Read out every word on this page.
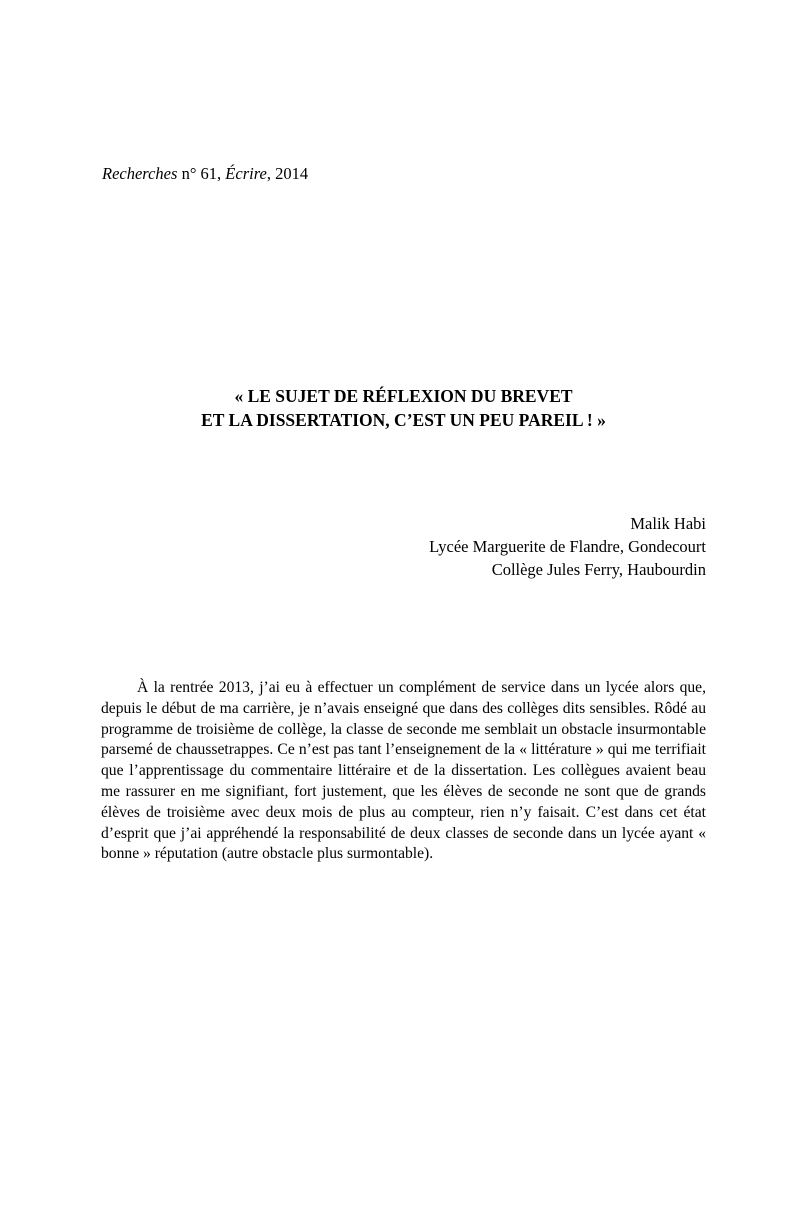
Recherches n° 61, Écrire, 2014
« LE SUJET DE RÉFLEXION DU BREVET
ET LA DISSERTATION, C’EST UN PEU PAREIL ! »
Malik Habi
Lycée Marguerite de Flandre, Gondecourt
Collège Jules Ferry, Haubourdin

À la rentrée 2013, j’ai eu à effectuer un complément de service dans un lycée alors que, depuis le début de ma carrière, je n’avais enseigné que dans des collèges dits sensibles. Rôdé au programme de troisième de collège, la classe de seconde me semblait un obstacle insurmontable parsemé de chaussetrappes. Ce n’est pas tant l’enseignement de la « littérature » qui me terrifiait que l’apprentissage du commentaire littéraire et de la dissertation. Les collègues avaient beau me rassurer en me signifiant, fort justement, que les élèves de seconde ne sont que de grands élèves de troisième avec deux mois de plus au compteur, rien n’y faisait. C’est dans cet état d’esprit que j’ai appréhendé la responsabilité de deux classes de seconde dans un lycée ayant « bonne » réputation (autre obstacle plus surmontable).
